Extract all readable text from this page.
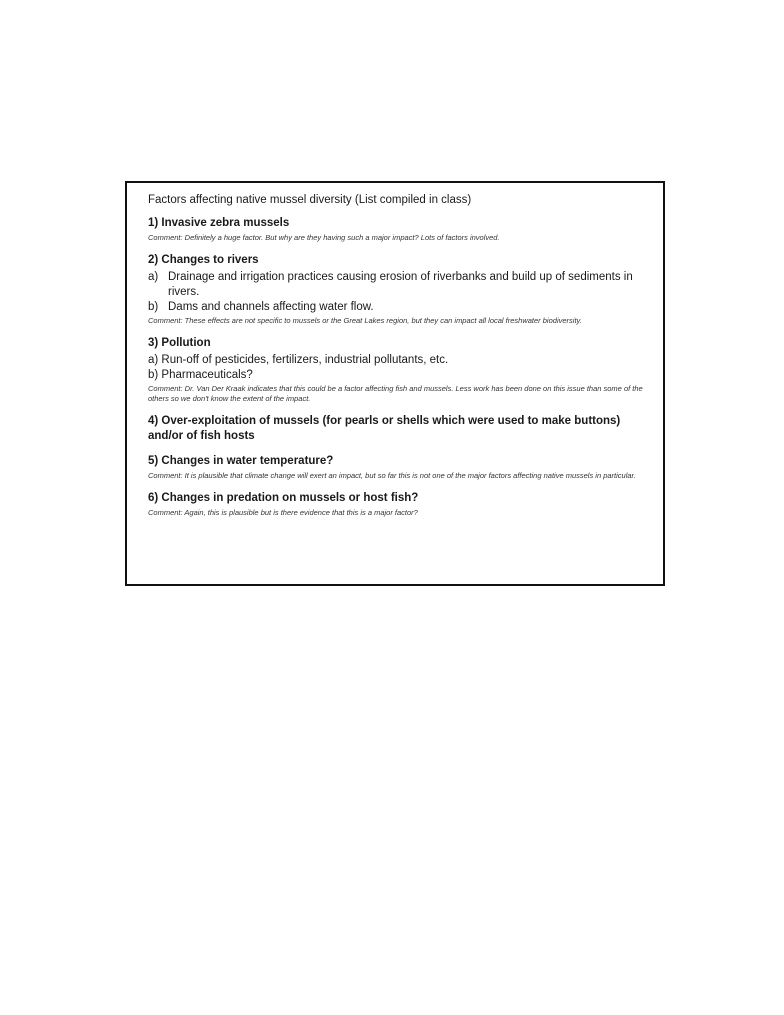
Factors affecting native mussel diversity (List compiled in class)

1) Invasive zebra mussels

Comment: Definitely a huge factor. But why are they having such a major impact? Lots of factors involved.

2) Changes to rivers

a) Drainage and irrigation practices causing erosion of riverbanks and build up of sediments in rivers.

b) Dams and channels affecting water flow.

Comment: These effects are not specific to mussels or the Great Lakes region, but they can impact all local freshwater biodiversity.

3) Pollution

a) Run-off of pesticides, fertilizers, industrial pollutants, etc.

b) Pharmaceuticals?

Comment: Dr. Van Der Kraak indicates that this could be a factor affecting fish and mussels. Less work has been done on this issue than some of the others so we don't know the extent of the impact.

4) Over-exploitation of mussels (for pearls or shells which were used to make buttons) and/or of fish hosts

5) Changes in water temperature?

Comment: It is plausible that climate change will exert an impact, but so far this is not one of the major factors affecting native mussels in particular.

6) Changes in predation on mussels or host fish?

Comment: Again, this is plausible but is there evidence that this is a major factor?
